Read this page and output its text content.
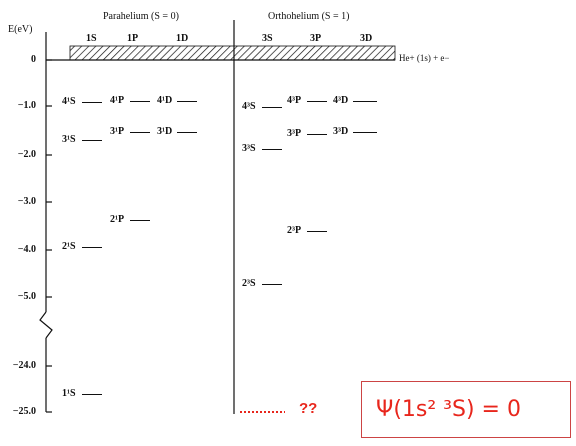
E(eV)
Parahelium (S = 0)	Orthohelium (S = 1)
1S	1P	1D	3S	3P	3D
He+ (1s) + e−
0
−1.0
−2.0
−3.0
−4.0
−5.0
−24.0
−25.0
4¹S	4¹P	4¹D
3¹S
3¹P	3¹D
2¹P
2¹S
1¹S
4³S
4³P	4³D
3³P	3³D
3³S
2³P
2³S
??	Ψ(1s² ³S) = 0
